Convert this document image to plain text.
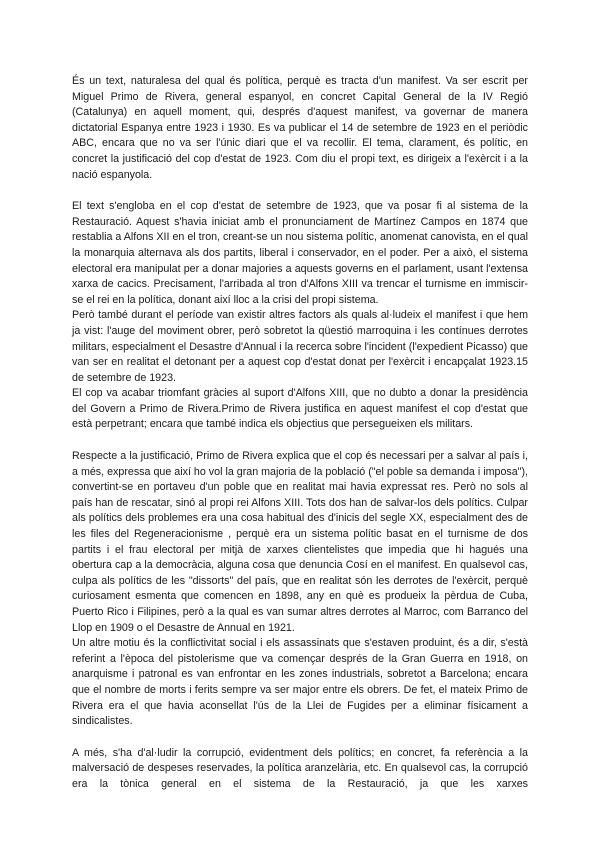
És un text, naturalesa del qual és política, perquè es tracta d'un manifest. Va ser escrit per Miguel Primo de Rivera, general espanyol, en concret Capital General de la IV Regió (Catalunya) en aquell moment, qui, després d'aquest manifest, va governar de manera dictatorial Espanya entre 1923 i 1930. Es va publicar el 14 de setembre de 1923 en el periòdic ABC, encara que no va ser l'únic diari que el va recollir. El tema, clarament, és polític, en concret la justificació del cop d'estat de 1923. Com diu el propi text, es dirigeix a l'exèrcit i a la nació espanyola.

El text s'engloba en el cop d'estat de setembre de 1923, que va posar fi al sistema de la Restauració. Aquest s'havia iniciat amb el pronunciament de Martínez Campos en 1874 que restablia a Alfons XII en el tron, creant-se un nou sistema polític, anomenat canovista, en el qual la monarquia alternava als dos partits, liberal i conservador, en el poder. Per a això, el sistema electoral era manipulat per a donar majories a aquests governs en el parlament, usant l'extensa xarxa de cacics. Precisament, l'arribada al tron d'Alfons XIII va trencar el turnisme en immiscir-se el rei en la política, donant així lloc a la crisi del propi sistema.

Però també durant el període van existir altres factors als quals al·ludeix el manifest i que hem ja vist: l'auge del moviment obrer, però sobretot la qüestió marroquina i les contínues derrotes militars, especialment el Desastre d'Annual i la recerca sobre l'incident (l'expedient Picasso) que van ser en realitat el detonant per a aquest cop d'estat donat per l'exèrcit i encapçalat 1923.15 de setembre de 1923.

El cop va acabar triomfant gràcies al suport d'Alfons XIII, que no dubto a donar la presidència del Govern a Primo de Rivera.Primo de Rivera justifica en aquest manifest el cop d'estat que està perpetrant; encara que també indica els objectius que persegueixen els militars.

Respecte a la justificació, Primo de Rivera explica que el cop és necessari per a salvar al país i, a més, expressa que així ho vol la gran majoria de la població ("el poble sa demanda i imposa"), convertint-se en portaveu d'un poble que en realitat mai havia expressat res. Però no sols al país han de rescatar, sinó al propi rei Alfons XIII. Tots dos han de salvar-los dels polítics. Culpar als polítics dels problemes era una cosa habitual des d'inicis del segle XX, especialment des de les files del Regeneracionisme , perquè era un sistema polític basat en el turnisme de dos partits i el frau electoral per mitjà de xarxes clientelistes que impedia que hi hagués una obertura cap a la democràcia, alguna cosa que denuncia Cosí en el manifest. En qualsevol cas, culpa als polítics de les "dissorts" del país, que en realitat són les derrotes de l'exèrcit, perquè curiosament esmenta que comencen en 1898, any en què es produeix la pèrdua de Cuba, Puerto Rico i Filipines, però a la qual es van sumar altres derrotes al Marroc, com Barranco del Llop en 1909 o el Desastre de Annual en 1921.

Un altre motiu és la conflictivitat social i els assassinats que s'estaven produint, és a dir, s'està referint a l'època del pistolerisme que va començar després de la Gran Guerra en 1918, on anarquisme i patronal es van enfrontar en les zones industrials, sobretot a Barcelona; encara que el nombre de morts i ferits sempre va ser major entre els obrers. De fet, el mateix Primo de Rivera era el que havia aconsellat l'ús de la Llei de Fugides per a eliminar físicament a sindicalistes.

A més, s'ha d'al·ludir la corrupció, evidentment dels polítics; en concret, fa referència a la malversació de despeses reservades, la política aranzelària, etc. En qualsevol cas, la corrupció era la tònica general en el sistema de la Restauració, ja que les xarxes
